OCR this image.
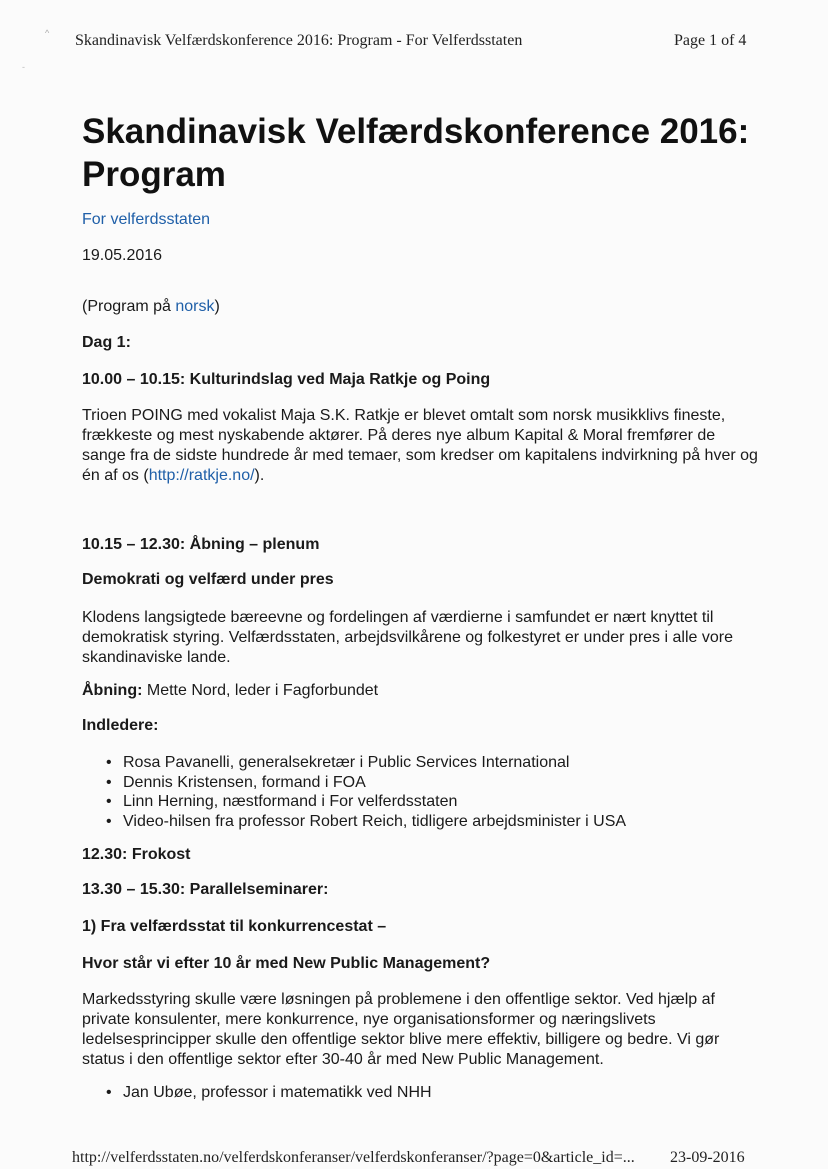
^
-
Skandinavisk Velfærdskonference 2016: Program - For Velferdsstaten	Page 1 of 4
Skandinavisk Velfærdskonference 2016: Program
For velferdsstaten
19.05.2016
(Program på norsk)
Dag 1:
10.00 – 10.15: Kulturindslag ved Maja Ratkje og Poing
Trioen POING med vokalist Maja S.K. Ratkje er blevet omtalt som norsk musikklivs fineste, frækkeste og mest nyskabende aktører. På deres nye album Kapital & Moral fremfører de sange fra de sidste hundrede år med temaer, som kredser om kapitalens indvirkning på hver og én af os (http://ratkje.no/).
10.15 – 12.30: Åbning – plenum
Demokrati og velfærd under pres
Klodens langsigtede bæreevne og fordelingen af værdierne i samfundet er nært knyttet til demokratisk styring. Velfærdsstaten, arbejdsvilkårene og folkestyret er under pres i alle vore skandinaviske lande.
Åbning: Mette Nord, leder i Fagforbundet
Indledere:
• Rosa Pavanelli, generalsekretær i Public Services International
• Dennis Kristensen, formand i FOA
• Linn Herning, næstformand i For velferdsstaten
• Video-hilsen fra professor Robert Reich, tidligere arbejdsminister i USA
12.30: Frokost
13.30 – 15.30: Parallelseminarer:
1) Fra velfærdsstat til konkurrencestat –
Hvor står vi efter 10 år med New Public Management?
Markedsstyring skulle være løsningen på problemene i den offentlige sektor. Ved hjælp af private konsulenter, mere konkurrence, nye organisationsformer og næringslivets ledelsesprincipper skulle den offentlige sektor blive mere effektiv, billigere og bedre. Vi gør status i den offentlige sektor efter 30-40 år med New Public Management.
• Jan Ubøe, professor i matematikk ved NHH
http://velferdsstaten.no/velferdskonferanser/velferdskonferanser/?page=0&article_id=... 23-09-2016
